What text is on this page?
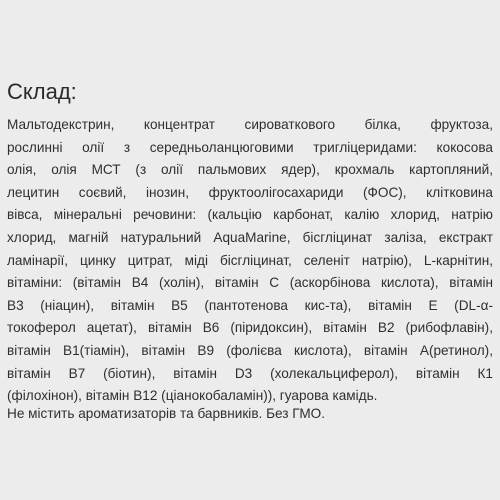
Склад:
Мальтодекстрин, концентрат сироваткового білка, фруктоза,
рослинні олії з середньоланцюговими тригліцеридами: кокосова
олія, олія МСТ (з олії пальмових ядер), крохмаль картопляний,
лецитин соєвий, інозин, фруктоолігосахариди (ФОС), клітковина
вівса, мінеральні речовини: (кальцію карбонат, калію хлорид, натрію
хлорид, магній натуральний AquaMarine, бісгліцинат заліза, екстракт
ламінарії, цинку цитрат, міді бісгліцинат, селеніт натрію), L-карнітин,
вітаміни: (вітамін В4 (холін), вітамін С (аскорбінова кислота), вітамін
В3 (ніацин), вітамін В5 (пантотенова кис-та), вітамін Е (DL-α-
токоферол ацетат), вітамін В6 (піридоксин), вітамін В2 (рибофлавін),
вітамін В1(тіамін), вітамін В9 (фолієва кислота), вітамін А(ретинол),
вітамін В7 (біотин), вітамін D3 (холекальциферол), вітамін К1
(філохінон), вітамін В12 (ціанокобаламін)), гуарова камідь.
Не містить ароматизаторів та барвників. Без ГМО.
